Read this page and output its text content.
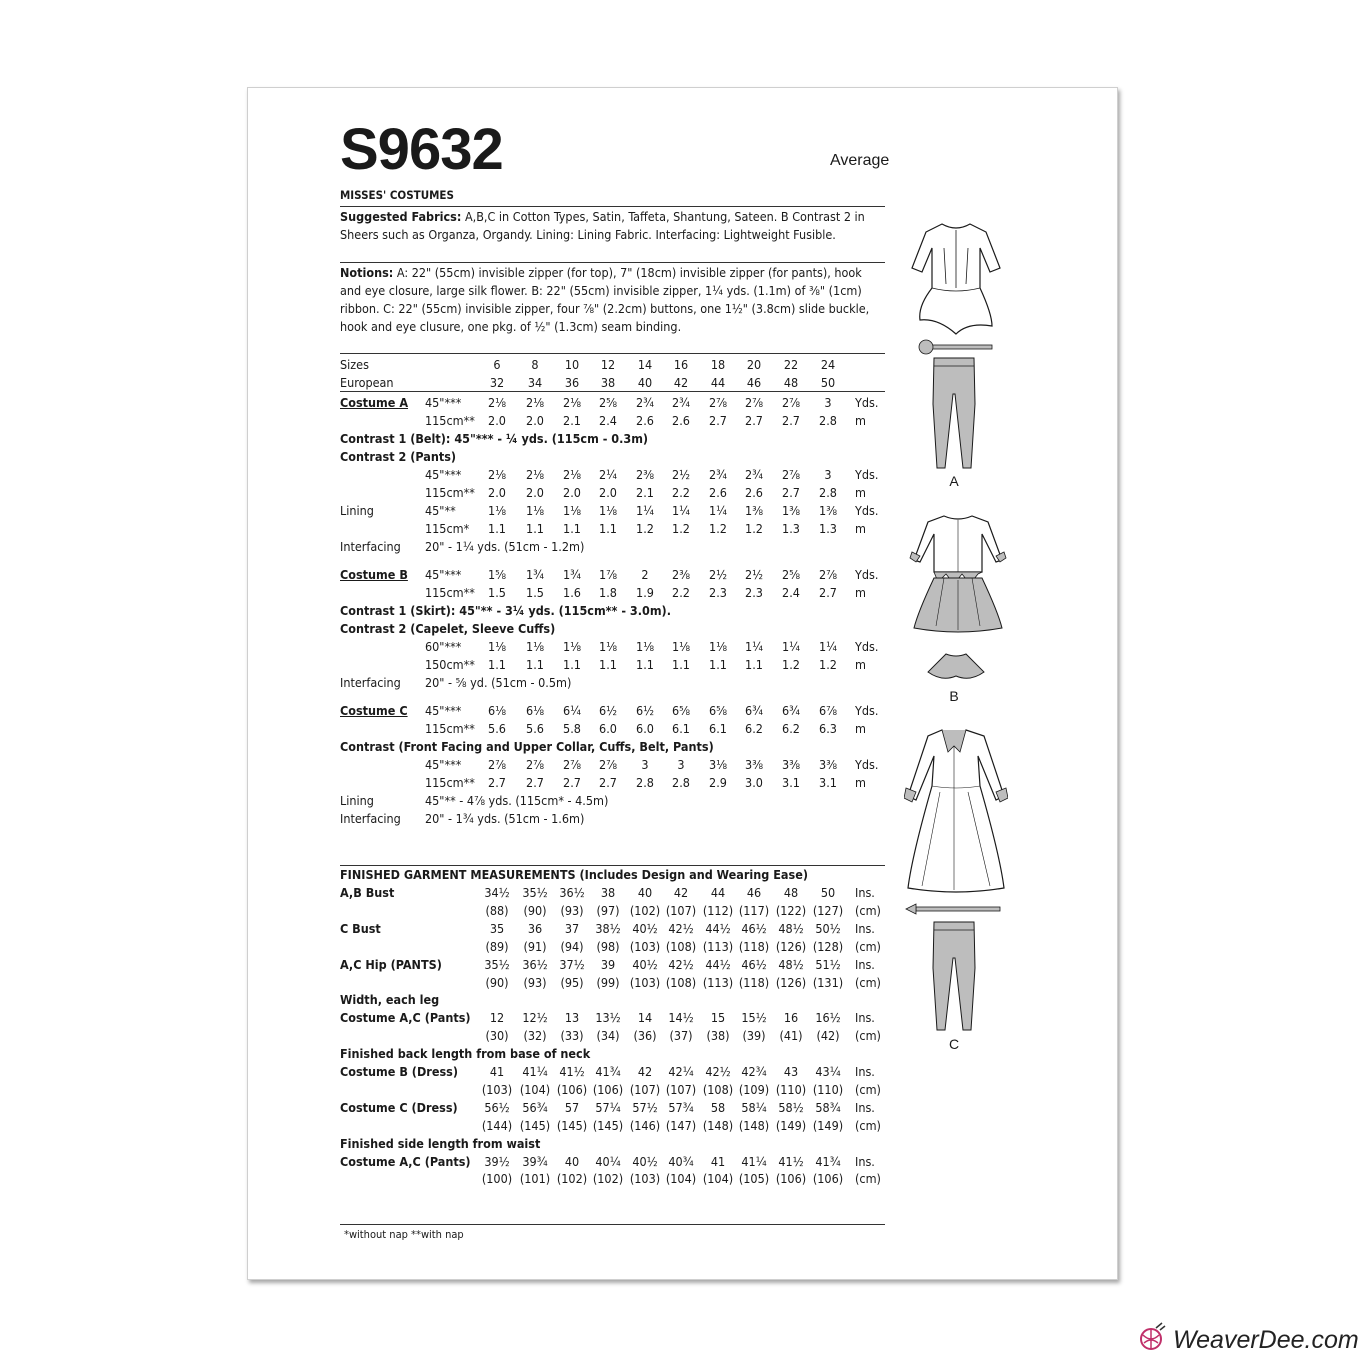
S9632	Average
MISSES' COSTUMES
Suggested Fabrics: A,B,C in Cotton Types, Satin, Taffeta, Shantung, Sateen. B Contrast 2 in Sheers such as Organza, Organdy. Lining: Lining Fabric. Interfacing: Lightweight Fusible.
Notions: A: 22" (55cm) invisible zipper (for top), 7" (18cm) invisible zipper (for pants), hook and eye closure, large silk flower. B: 22" (55cm) invisible zipper, 1¼ yds. (1.1m) of ⅜" (1cm) ribbon. C: 22" (55cm) invisible zipper, four ⅞" (2.2cm) buttons, one 1½" (3.8cm) slide buckle, hook and eye clusure, one pkg. of ½" (1.3cm) seam binding.
Sizes	6 8 10 12 14 16 18 20 22 24
European	32 34 36 38 40 42 44 46 48 50
Costume A 45"*** 2⅛ 2⅛ 2⅛ 2⅝ 2¾ 2¾ 2⅞ 2⅞ 2⅞ 3 Yds.
115cm** 2.0 2.0 2.1 2.4 2.6 2.6 2.7 2.7 2.7 2.8 m
Contrast 1 (Belt): 45"*** - ¼ yds. (115cm - 0.3m)
Contrast 2 (Pants)
45"*** 2⅛ 2⅛ 2⅛ 2¼ 2⅜ 2½ 2¾ 2¾ 2⅞ 3 Yds.
115cm** 2.0 2.0 2.0 2.0 2.1 2.2 2.6 2.6 2.7 2.8 m
Lining	45"**	1⅛ 1⅛ 1⅛ 1⅛ 1¼ 1¼ 1¼ 1⅜ 1⅜ 1⅜ Yds.
115cm* 1.1 1.1 1.1 1.1 1.2 1.2 1.2 1.2 1.3 1.3 m
Interfacing 20" - 1¼ yds. (51cm - 1.2m)
Costume B 45"*** 1⅝ 1¾ 1¾ 1⅞ 2 2⅜ 2½ 2½ 2⅝ 2⅞ Yds.
115cm** 1.5 1.5 1.6 1.8 1.9 2.2 2.3 2.3 2.4 2.7 m
Contrast 1 (Skirt): 45"** - 3¼ yds. (115cm** - 3.0m).
Contrast 2 (Capelet, Sleeve Cuffs)
60"*** 1⅛ 1⅛ 1⅛ 1⅛ 1⅛ 1⅛ 1⅛ 1¼ 1¼ 1¼ Yds.
150cm** 1.1 1.1 1.1 1.1 1.1 1.1 1.1 1.1 1.2 1.2 m
Interfacing 20" - ⅝ yd. (51cm - 0.5m)
Costume C 45"*** 6⅛ 6⅛ 6¼ 6½ 6½ 6⅝ 6⅝ 6¾ 6¾ 6⅞ Yds.
115cm** 5.6 5.6 5.8 6.0 6.0 6.1 6.1 6.2 6.2 6.3 m
Contrast (Front Facing and Upper Collar, Cuffs, Belt, Pants)
45"*** 2⅞ 2⅞ 2⅞ 2⅞ 3 3 3⅛ 3⅜ 3⅜ 3⅜ Yds.
115cm** 2.7 2.7 2.7 2.7 2.8 2.8 2.9 3.0 3.1 3.1 m
Lining	45"** - 4⅞ yds. (115cm* - 4.5m)
Interfacing 20" - 1¾ yds. (51cm - 1.6m)
FINISHED GARMENT MEASUREMENTS (Includes Design and Wearing Ease)
A,B Bust	34½ 35½ 36½ 38 40 42 44 46 48 50 Ins.
(88) (90) (93) (97) (102) (107) (112) (117) (122) (127) (cm)
C Bust	35 36 37 38½ 40½ 42½ 44½ 46½ 48½ 50½ Ins.
(89) (91) (94) (98) (103) (108) (113) (118) (126) (128) (cm)
A,C Hip (PANTS)	35½ 36½ 37½ 39 40½ 42½ 44½ 46½ 48½ 51½ Ins.
(90) (93) (95) (99) (103) (108) (113) (118) (126) (131) (cm)
Width, each leg
Costume A,C (Pants) 12 12½ 13 13½ 14 14½ 15 15½ 16 16½ Ins.
(30) (32) (33) (34) (36) (37) (38) (39) (41) (42) (cm)
Finished back length from base of neck
Costume B (Dress)	41 41¼ 41½ 41¾ 42 42¼ 42½ 42¾ 43 43¼ Ins.
(103) (104) (106) (106) (107) (107) (108) (109) (110) (110) (cm)
Costume C (Dress) 56½ 56¾ 57 57¼ 57½ 57¾ 58 58¼ 58½ 58¾ Ins.
(144) (145) (145) (145) (146) (147) (148) (148) (149) (149) (cm)
Finished side length from waist
Costume A,C (Pants) 39½ 39¾ 40 40¼ 40½ 40¾ 41 41¼ 41½ 41¾ Ins.
(100) (101) (102) (102) (103) (104) (104) (105) (106) (106) (cm)
*without nap **with nap
A
B
C
WeaverDee.com
